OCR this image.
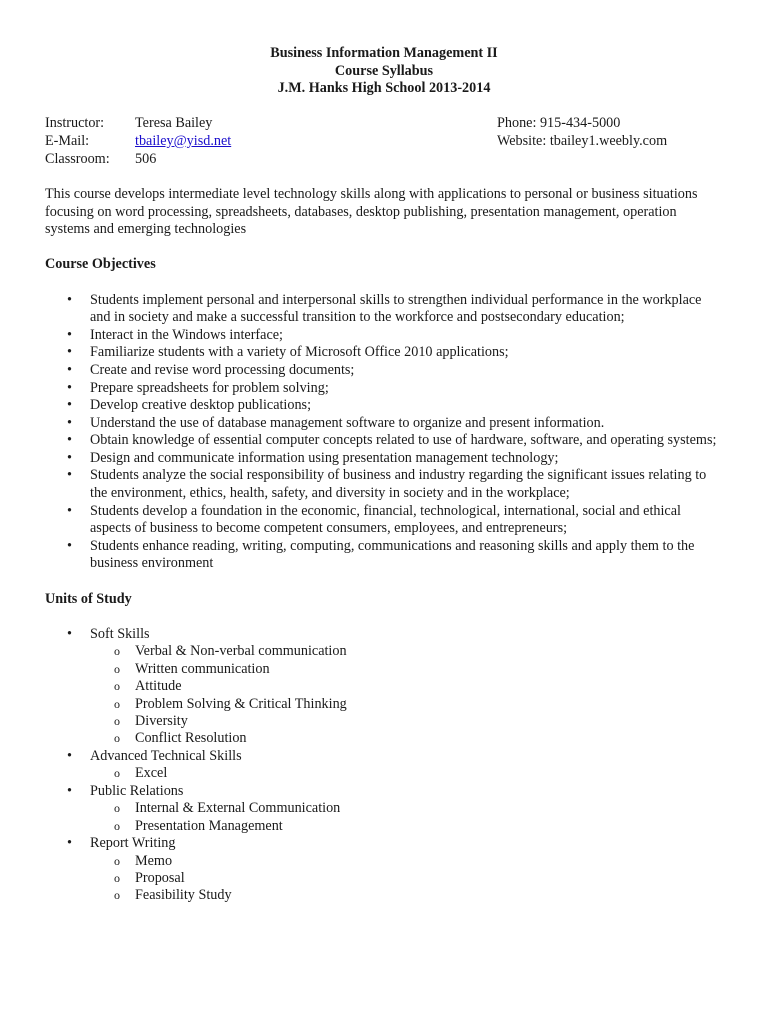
Business Information Management II
Course Syllabus
J.M. Hanks High School 2013-2014
Instructor: Teresa Bailey	Phone: 915-434-5000
E-Mail:	tbailey@yisd.net	Website: tbailey1.weebly.com
Classroom: 506
This course develops intermediate level technology skills along with applications to personal or business situations focusing on word processing, spreadsheets, databases, desktop publishing, presentation management, operation systems and emerging technologies
Course Objectives
• Students implement personal and interpersonal skills to strengthen individual performance in the workplace and in society and make a successful transition to the workforce and postsecondary education;
• Interact in the Windows interface;
• Familiarize students with a variety of Microsoft Office 2010 applications;
• Create and revise word processing documents;
• Prepare spreadsheets for problem solving;
• Develop creative desktop publications;
• Understand the use of database management software to organize and present information.
• Obtain knowledge of essential computer concepts related to use of hardware, software, and operating systems;
• Design and communicate information using presentation management technology;
• Students analyze the social responsibility of business and industry regarding the significant issues relating to the environment, ethics, health, safety, and diversity in society and in the workplace;
• Students develop a foundation in the economic, financial, technological, international, social and ethical aspects of business to become competent consumers, employees, and entrepreneurs;
• Students enhance reading, writing, computing, communications and reasoning skills and apply them to the business environment
Units of Study
• Soft Skills
o Verbal & Non-verbal communication
o Written communication
o Attitude
o Problem Solving & Critical Thinking
o Diversity
o Conflict Resolution
• Advanced Technical Skills
o Excel
• Public Relations
o Internal & External Communication
o Presentation Management
• Report Writing
o Memo
o Proposal
o Feasibility Study
